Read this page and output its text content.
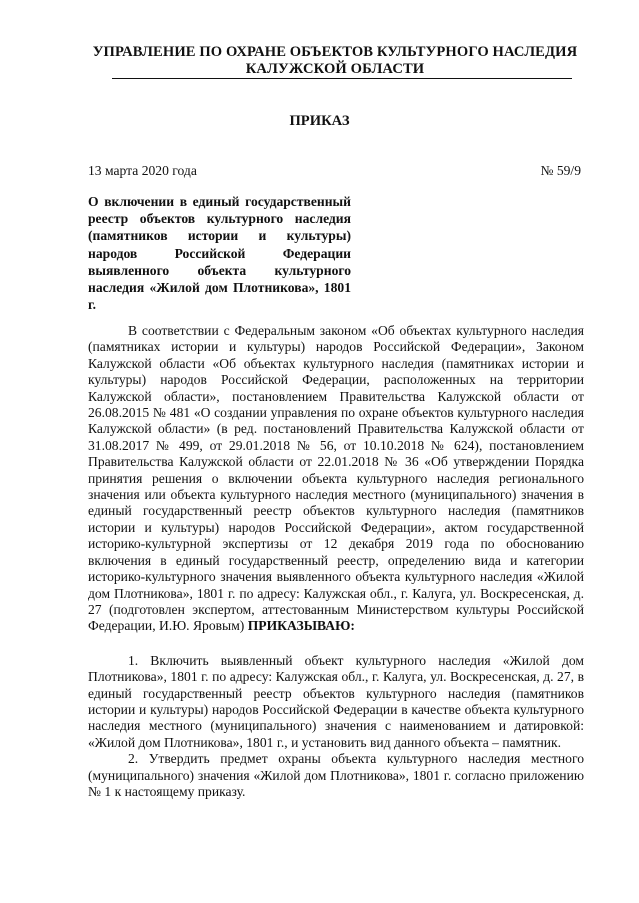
УПРАВЛЕНИЕ ПО ОХРАНЕ ОБЪЕКТОВ КУЛЬТУРНОГО НАСЛЕДИЯ
КАЛУЖСКОЙ ОБЛАСТИ
ПРИКАЗ
13 марта 2020 года	№ 59/9
О включении в единый государственный реестр объектов культурного наследия (памятников истории и культуры) народов Российской Федерации выявленного объекта культурного наследия «Жилой дом Плотникова», 1801 г.

В соответствии с Федеральным законом «Об объектах культурного наследия (памятниках истории и культуры) народов Российской Федерации», Законом Калужской области «Об объектах культурного наследия (памятниках истории и культуры) народов Российской Федерации, расположенных на территории Калужской области», постановлением Правительства Калужской области от 26.08.2015 № 481 «О создании управления по охране объектов культурного наследия Калужской области» (в ред. постановлений Правительства Калужской области от 31.08.2017 № 499, от 29.01.2018 № 56, от 10.10.2018 № 624), постановлением Правительства Калужской области от 22.01.2018 № 36 «Об утверждении Порядка принятия решения о включении объекта культурного наследия регионального значения или объекта культурного наследия местного (муниципального) значения в единый государственный реестр объектов культурного наследия (памятников истории и культуры) народов Российской Федерации», актом государственной историко-культурной экспертизы от 12 декабря 2019 года по обоснованию включения в единый государственный реестр, определению вида и категории историко-культурного значения выявленного объекта культурного наследия «Жилой дом Плотникова», 1801 г. по адресу: Калужская обл., г. Калуга, ул. Воскресенская, д. 27 (подготовлен экспертом, аттестованным Министерством культуры Российской Федерации, И.Ю. Яровым) ПРИКАЗЫВАЮ:

1. Включить выявленный объект культурного наследия «Жилой дом Плотникова», 1801 г. по адресу: Калужская обл., г. Калуга, ул. Воскресенская, д. 27, в единый государственный реестр объектов культурного наследия (памятников истории и культуры) народов Российской Федерации в качестве объекта культурного наследия местного (муниципального) значения с наименованием и датировкой: «Жилой дом Плотникова», 1801 г., и установить вид данного объекта – памятник.

2. Утвердить предмет охраны объекта культурного наследия местного (муниципального) значения «Жилой дом Плотникова», 1801 г. согласно приложению № 1 к настоящему приказу.
